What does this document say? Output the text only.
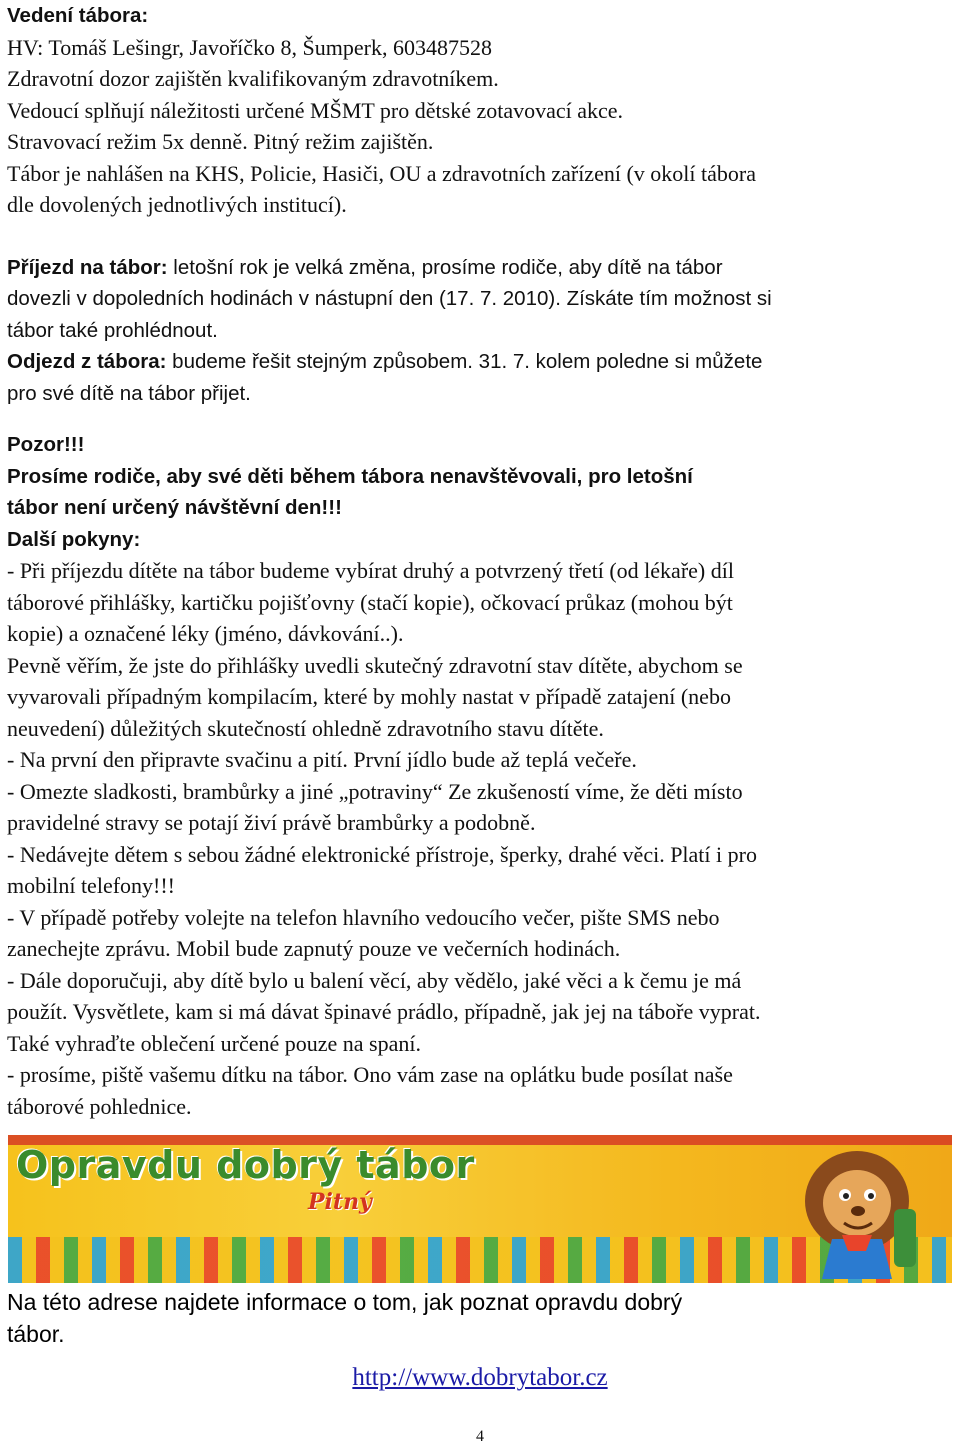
Vedení tábora:
HV: Tomáš Lešingr, Javoříčko 8, Šumperk, 603487528
Zdravotní dozor zajištěn kvalifikovaným zdravotníkem.
Vedoucí splňují náležitosti určené MŠMT pro dětské zotavovací akce.
Stravovací režim 5x denně. Pitný režim zajištěn.
Tábor je nahlášen na KHS, Policie, Hasiči, OU a zdravotních zařízení (v okolí tábora
dle dovolených jednotlivých institucí).
Příjezd na tábor: letošní rok je velká změna, prosíme rodiče, aby dítě na tábor
dovezli v dopoledních hodinách v nástupní den (17. 7. 2010). Získáte tím možnost si
tábor také prohlédnout.
Odjezd z tábora: budeme řešit stejným způsobem. 31. 7. kolem poledne si můžete
pro své dítě na tábor přijet.
Pozor!!!
Prosíme rodiče, aby své děti během tábora nenavštěvovali, pro letošní
tábor není určený návštěvní den!!!
Další pokyny:
- Při příjezdu dítěte na tábor budeme vybírat druhý a potvrzený třetí (od lékaře) díl
táborové přihlášky, kartičku pojišťovny (stačí kopie), očkovací průkaz (mohou být
kopie) a označené léky (jméno, dávkování..).
Pevně věřím, že jste do přihlášky uvedli skutečný zdravotní stav dítěte, abychom se
vyvarovali případným kompilacím, které by mohly nastat v případě zatajení (nebo
neuvedení) důležitých skutečností ohledně zdravotního stavu dítěte.
- Na první den připravte svačinu a pití. První jídlo bude až teplá večeře.
- Omezte sladkosti, brambůrky a jiné „potraviny“ Ze zkušeností víme, že děti místo
pravidelné stravy se potají živí právě brambůrky a podobně.
- Nedávejte dětem s sebou žádné elektronické přístroje, šperky, drahé věci. Platí i pro
mobilní telefony!!!
- V případě potřeby volejte na telefon hlavního vedoucího večer, pište SMS nebo
zanechejte zprávu. Mobil bude zapnutý pouze ve večerních hodinách.
- Dále doporučuji, aby dítě bylo u balení věcí, aby vědělo, jaké věci a k čemu je má
použít. Vysvětlete, kam si má dávat špinavé prádlo, případně, jak jej na táboře vyprat.
Také vyhraďte oblečení určené pouze na spaní.
- prosíme, piště vašemu dítku na tábor. Ono vám zase na oplátku bude posílat naše
táborové pohlednice.
Opravdu dobrý tábor
Pitný
Na této adrese najdete informace o tom, jak poznat opravdu dobrý
tábor.
http://www.dobrytabor.cz
4
